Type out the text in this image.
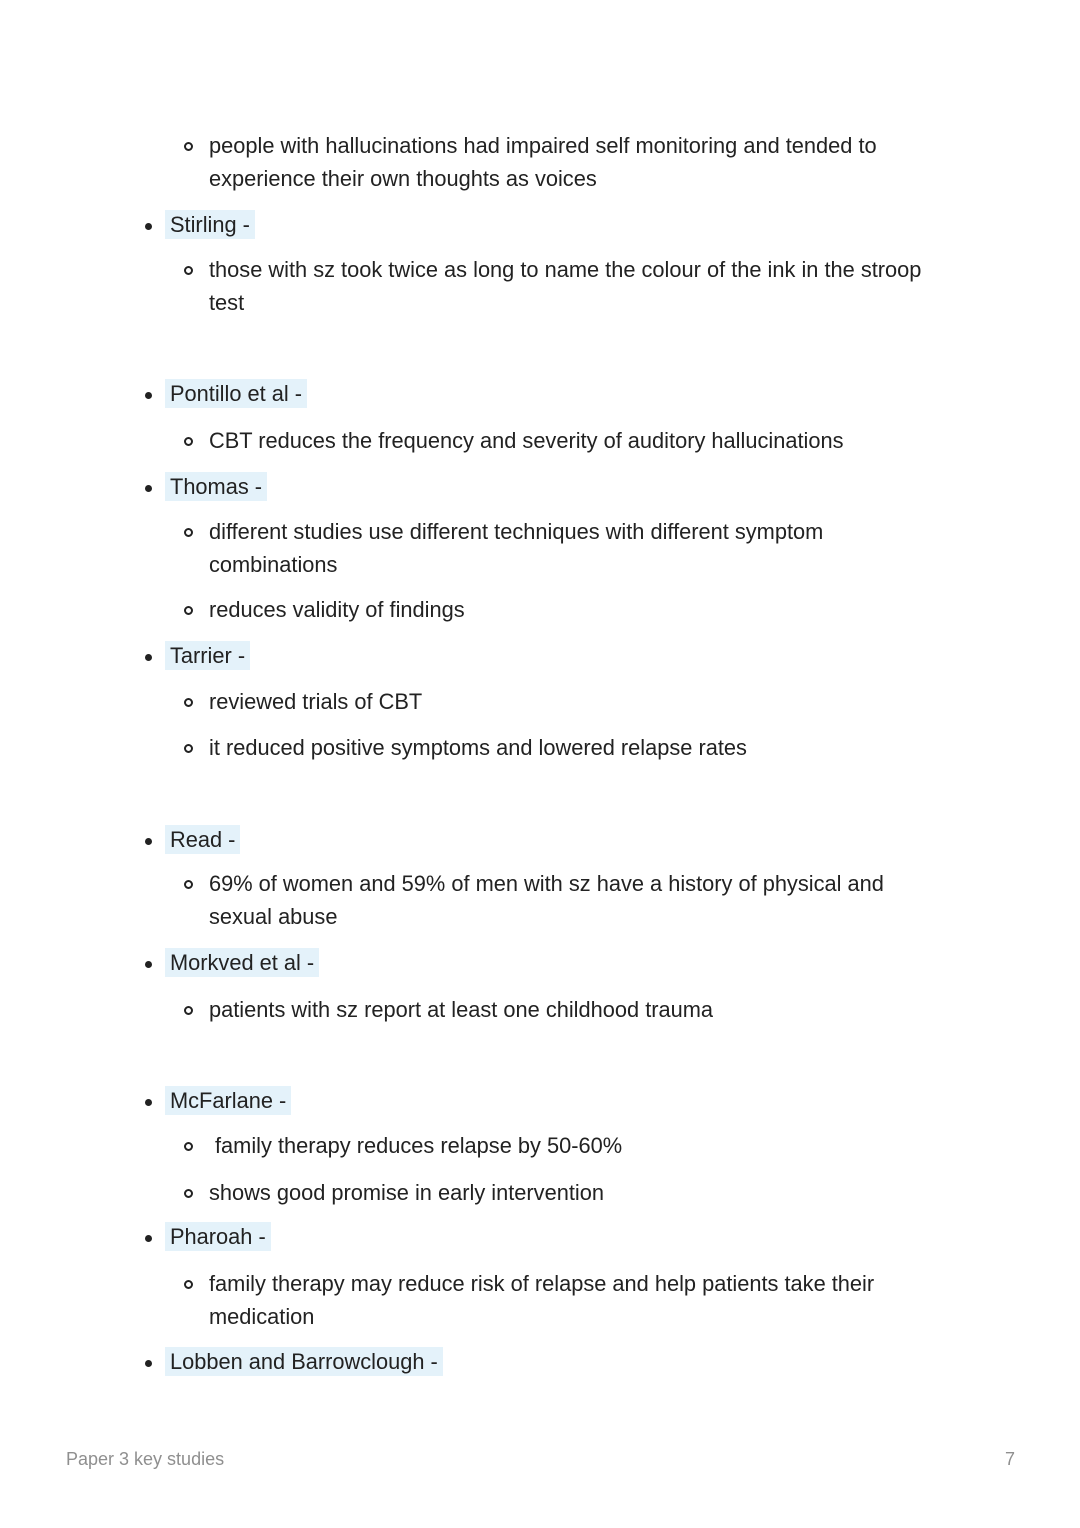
people with hallucinations had impaired self monitoring and tended to experience their own thoughts as voices
Stirling -
those with sz took twice as long to name the colour of the ink in the stroop test
Pontillo et al -
CBT reduces the frequency and severity of auditory hallucinations
Thomas -
different studies use different techniques with different symptom combinations
reduces validity of findings
Tarrier -
reviewed trials of CBT
it reduced positive symptoms and lowered relapse rates
Read -
69% of women and 59% of men with sz have a history of physical and sexual abuse
Morkved et al -
patients with sz report at least one childhood trauma
McFarlane -
family therapy reduces relapse by 50-60%
shows good promise in early intervention
Pharoah -
family therapy may reduce risk of relapse and help patients take their medication
Lobben and Barrowclough -
Paper 3 key studies	7
